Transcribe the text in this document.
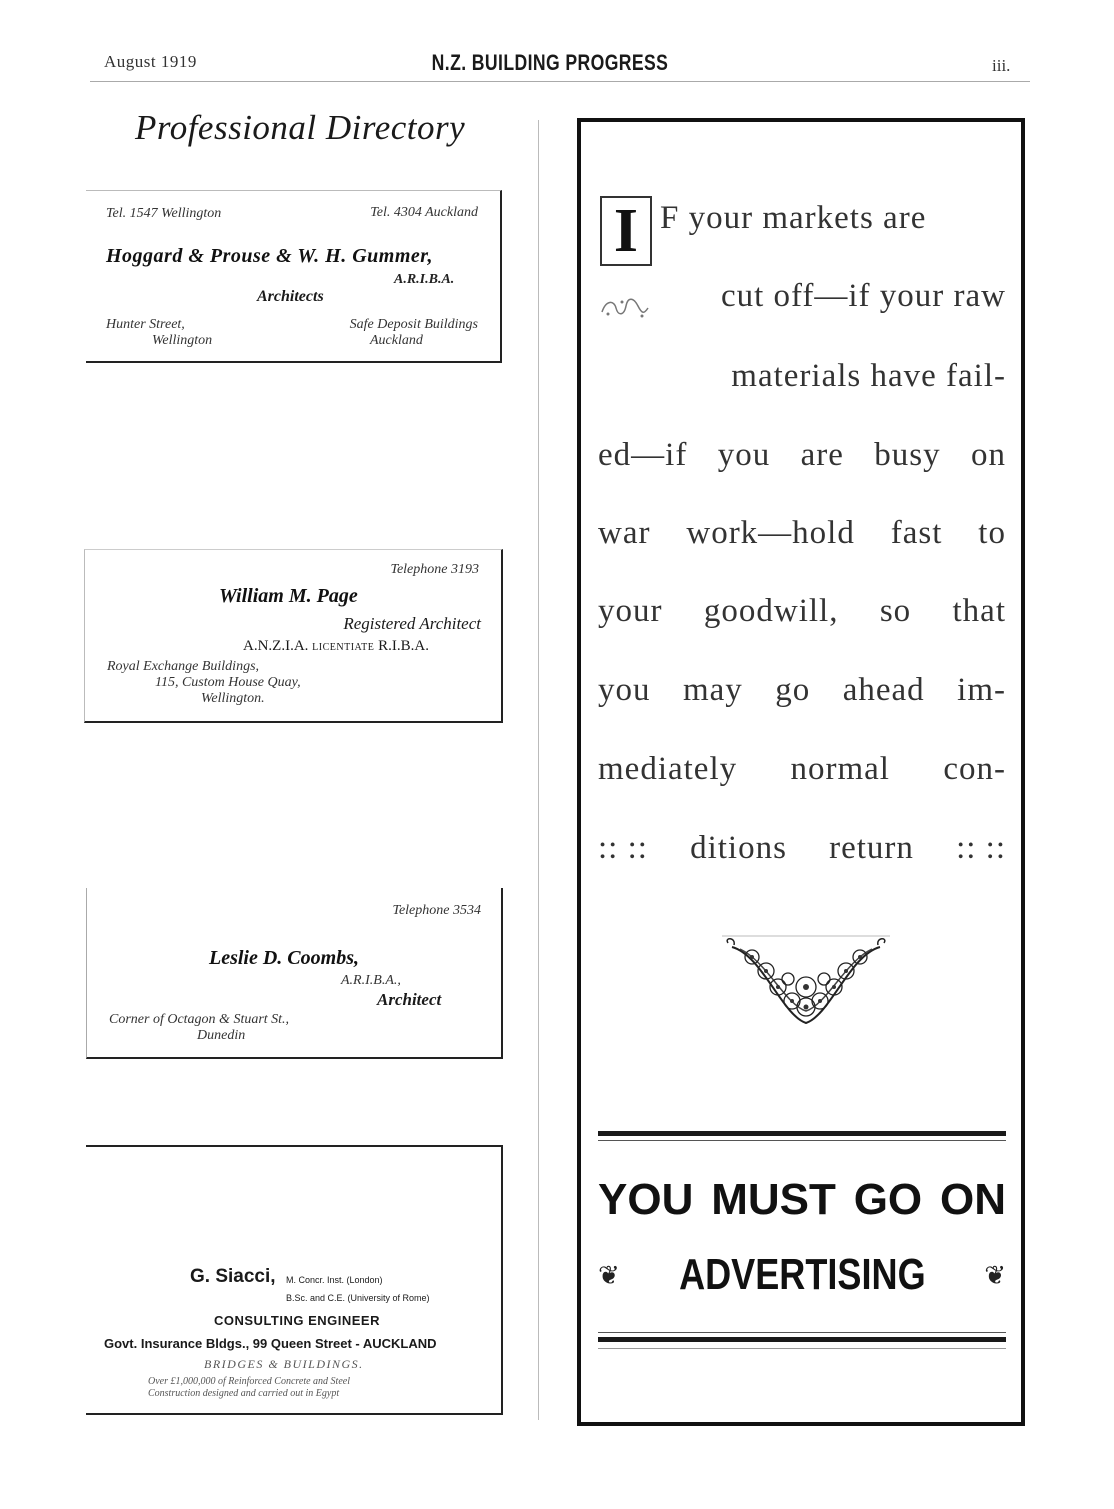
August 1919	N.Z. BUILDING PROGRESS	iii.
Professional Directory
Tel. 1547 Wellington	Tel. 4304 Auckland
Hoggard & Prouse & W. H. Gummer,
A.R.I.B.A.
Architects
Hunter Street,
Wellington
Safe Deposit Buildings
Auckland
Telephone 3193
William M. Page
Registered Architect
A.N.Z.I.A. LICENTIATE R.I.B.A.
Royal Exchange Buildings,
115, Custom House Quay,
Wellington.
Telephone 3534
Leslie D. Coombs,
A.R.I.B.A.,
Architect
Corner of Octagon & Stuart St.,
Dunedin
G. Siacci, M. Concr. Inst. (London)
B.Sc. and C.E. (University of Rome)
CONSULTING ENGINEER
Govt. Insurance Bldgs., 99 Queen Street - AUCKLAND
BRIDGES & BUILDINGS.
Over £1,000,000 of Reinforced Concrete and Steel
Construction designed and carried out in Egypt
I F your markets are
cut off—if your raw
materials have fail-
ed—if you are busy on
war work—hold fast to
your goodwill, so that
you may go ahead im-
mediately normal con-
:: :: ditions return :: ::
YOU MUST GO ON
❦ ADVERTISING ❦
